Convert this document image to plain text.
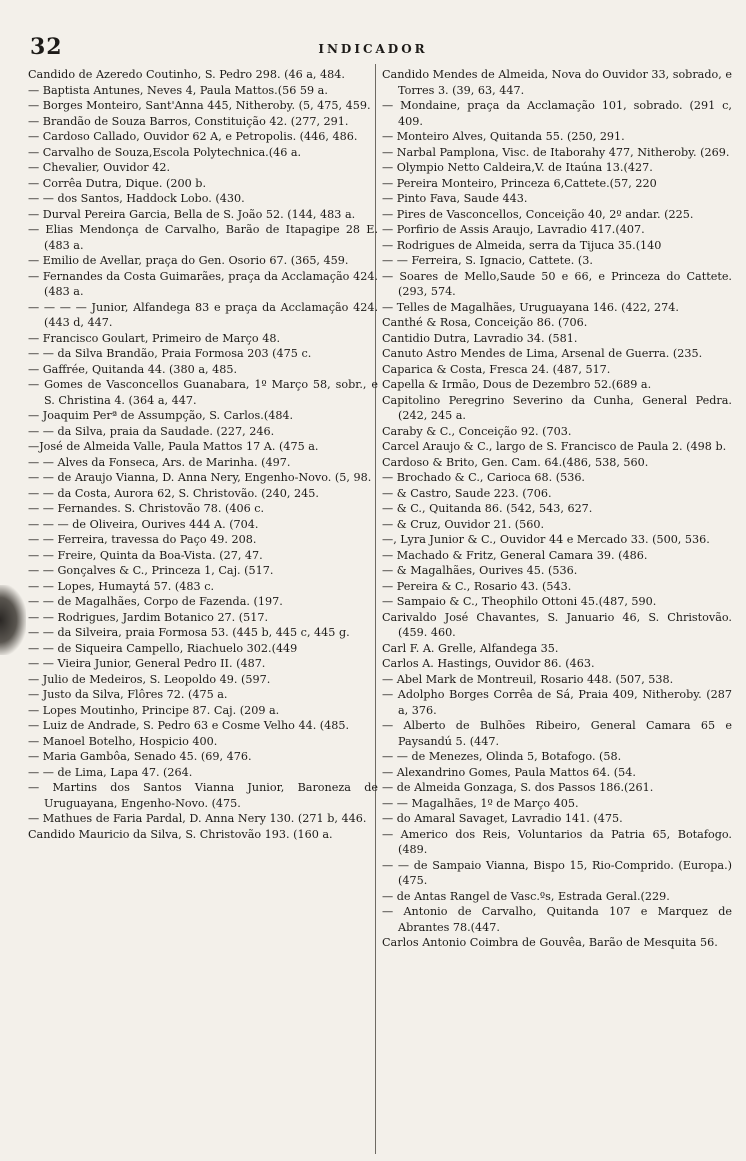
32	INDICADOR

Candido de Azeredo Coutinho, S. Pedro 298. (46 a, 484.

— Baptista Antunes, Neves 4, Paula Mattos.(56 59 a.

— Borges Monteiro, Sant'Anna 445, Nitheroby. (5, 475, 459.

— Brandão de Souza Barros, Constituição 42. (277, 291.

— Cardoso Callado, Ouvidor 62 A, e Petropolis. (446, 486.

— Carvalho de Souza,Escola Polytechnica.(46 a.

— Chevalier, Ouvidor 42.

— Corrêa Dutra, Dique. (200 b.

— — dos Santos, Haddock Lobo. (430.

— Durval Pereira Garcia, Bella de S. João 52. (144, 483 a.

— Elias Mendonça de Carvalho, Barão de Itapagipe 28 E. (483 a.

— Emilio de Avellar, praça do Gen. Osorio 67. (365, 459.

— Fernandes da Costa Guimarães, praça da Acclamação 424. (483 a.

— — — — Junior, Alfandega 83 e praça da Acclamação 424. (443 d, 447.

— Francisco Goulart, Primeiro de Março 48.

— — da Silva Brandão, Praia Formosa 203 (475 c.

— Gaffrée, Quitanda 44. (380 a, 485.

— Gomes de Vasconcellos Guanabara, 1º Março 58, sobr., e S. Christina 4. (364 a, 447.

— Joaquim Perª de Assumpção, S. Carlos.(484.

— — da Silva, praia da Saudade. (227, 246.

—José de Almeida Valle, Paula Mattos 17 A. (475 a.

— — Alves da Fonseca, Ars. de Marinha. (497.

— — de Araujo Vianna, D. Anna Nery, Engenho-Novo. (5, 98.

— — da Costa, Aurora 62, S. Christovão. (240, 245.

— — Fernandes. S. Christovão 78. (406 c.

— — — de Oliveira, Ourives 444 A. (704.

— — Ferreira, travessa do Paço 49. 208.

— — Freire, Quinta da Boa-Vista. (27, 47.

— — Gonçalves & C., Princeza 1, Caj. (517.

— — Lopes, Humaytá 57. (483 c.

— — de Magalhães, Corpo de Fazenda. (197.

— — Rodrigues, Jardim Botanico 27. (517.

— — da Silveira, praia Formosa 53. (445 b, 445 c, 445 g.

— — de Siqueira Campello, Riachuelo 302.(449

— — Vieira Junior, General Pedro II. (487.

— Julio de Medeiros, S. Leopoldo 49. (597.

— Justo da Silva, Flôres 72. (475 a.

— Lopes Moutinho, Principe 87. Caj. (209 a.

— Luiz de Andrade, S. Pedro 63 e Cosme Velho 44. (485.

— Manoel Botelho, Hospicio 400.

— Maria Gambôa, Senado 45. (69, 476.

— — de Lima, Lapa 47. (264.

— Martins dos Santos Vianna Junior, Baroneza de Uruguayana, Engenho-Novo. (475.

— Mathues de Faria Pardal, D. Anna Nery 130. (271 b, 446.

Candido Mauricio da Silva, S. Christovão 193. (160 a.

Candido Mendes de Almeida, Nova do Ouvidor 33, sobrado, e Torres 3. (39, 63, 447.

— Mondaine, praça da Acclamação 101, sobrado. (291 c, 409.

— Monteiro Alves, Quitanda 55. (250, 291.

— Narbal Pamplona, Visc. de Itaborahy 477, Nitheroby. (269.

— Olympio Netto Caldeira,V. de Itaúna 13.(427.

— Pereira Monteiro, Princeza 6,Cattete.(57, 220

— Pinto Fava, Saude 443.

— Pires de Vasconcellos, Conceição 40, 2º andar. (225.

— Porfirio de Assis Araujo, Lavradio 417.(407.

— Rodrigues de Almeida, serra da Tijuca 35.(140

— — Ferreira, S. Ignacio, Cattete. (3.

— Soares de Mello,Saude 50 e 66, e Princeza do Cattete. (293, 574.

— Telles de Magalhães, Uruguayana 146. (422, 274.

Canthé & Rosa, Conceição 86. (706.

Cantidio Dutra, Lavradio 34. (581.

Canuto Astro Mendes de Lima, Arsenal de Guerra. (235.

Caparica & Costa, Fresca 24. (487, 517.

Capella & Irmão, Dous de Dezembro 52.(689 a.

Capitolino Peregrino Severino da Cunha, General Pedra. (242, 245 a.

Caraby & C., Conceição 92. (703.

Carcel Araujo & C., largo de S. Francisco de Paula 2. (498 b.

Cardoso & Brito, Gen. Cam. 64.(486, 538, 560.

— Brochado & C., Carioca 68. (536.

— & Castro, Saude 223. (706.

— & C., Quitanda 86. (542, 543, 627.

— & Cruz, Ouvidor 21. (560.

—, Lyra Junior & C., Ouvidor 44 e Mercado 33. (500, 536.

— Machado & Fritz, General Camara 39. (486.

— & Magalhães, Ourives 45. (536.

— Pereira & C., Rosario 43. (543.

— Sampaio & C., Theophilo Ottoni 45.(487, 590.

Carivaldo José Chavantes, S. Januario 46, S. Christovão. (459. 460.

Carl F. A. Grelle, Alfandega 35.

Carlos A. Hastings, Ouvidor 86. (463.

— Abel Mark de Montreuil, Rosario 448. (507, 538.

— Adolpho Borges Corrêa de Sá, Praia 409, Nitheroby. (287 a, 376.

— Alberto de Bulhões Ribeiro, General Camara 65 e Paysandú 5. (447.

— — de Menezes, Olinda 5, Botafogo. (58.

— Alexandrino Gomes, Paula Mattos 64. (54.

— de Almeida Gonzaga, S. dos Passos 186.(261.

— — Magalhães, 1º de Março 405.

— do Amaral Savaget, Lavradio 141. (475.

— Americo dos Reis, Voluntarios da Patria 65, Botafogo. (489.

— — de Sampaio Vianna, Bispo 15, Rio-Comprido. (Europa.) (475.

— de Antas Rangel de Vasc.ºs, Estrada Geral.(229.

— Antonio de Carvalho, Quitanda 107 e Marquez de Abrantes 78.(447.

Carlos Antonio Coimbra de Gouvêa, Barão de Mesquita 56.
